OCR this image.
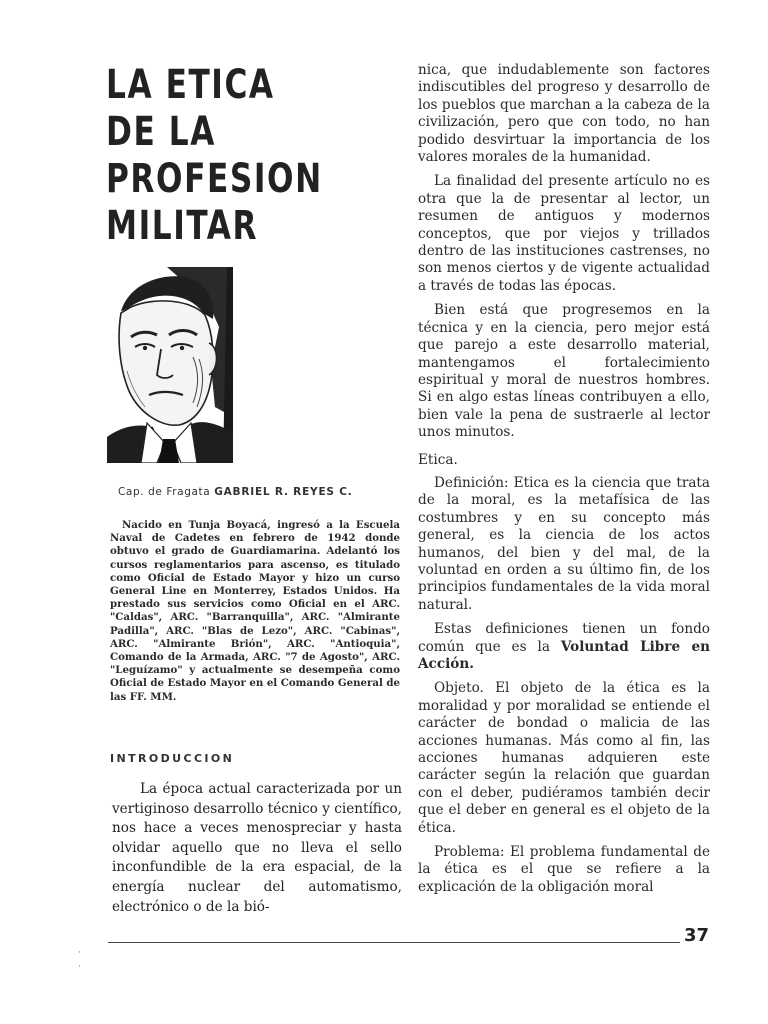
LA ETICA
DE LA
PROFESION
MILITAR
Cap. de Fragata GABRIEL R. REYES C.
Nacido en Tunja Boyacá, ingresó a la Escuela Naval de Cadetes en febrero de 1942 donde obtuvo el grado de Guardiamarina. Adelantó los cursos reglamentarios para ascenso, es titulado como Oficial de Estado Mayor y hizo un curso General Line en Monterrey, Estados Unidos. Ha prestado sus servicios como Oficial en el ARC. "Caldas", ARC. "Barranquilla", ARC. "Almirante Padilla", ARC. "Blas de Lezo", ARC. "Cabinas", ARC. "Almirante Brión", ARC. "Antioquia", Comando de la Armada, ARC. "7 de Agosto", ARC. "Leguízamo" y actualmente se desempeña como Oficial de Estado Mayor en el Comando General de las FF. MM.
INTRODUCCION
La época actual caracterizada por un vertiginoso desarrollo técnico y científico, nos hace a veces menospreciar y hasta olvidar aquello que no lleva el sello inconfundible de la era espacial, de la energía nuclear del automatismo, electrónico o de la bió-

nica, que indudablemente son factores indiscutibles del progreso y desarrollo de los pueblos que marchan a la cabeza de la civilización, pero que con todo, no han podido desvirtuar la importancia de los valores morales de la humanidad.

La finalidad del presente artículo no es otra que la de presentar al lector, un resumen de antiguos y modernos conceptos, que por viejos y trillados dentro de las instituciones castrenses, no son menos ciertos y de vigente actualidad a través de todas las épocas.

Bien está que progresemos en la técnica y en la ciencia, pero mejor está que parejo a este desarrollo material, mantengamos el fortalecimiento espiritual y moral de nuestros hombres. Si en algo estas líneas contribuyen a ello, bien vale la pena de sustraerle al lector unos minutos.

Etica.

Definición: Etica es la ciencia que trata de la moral, es la metafísica de las costumbres y en su concepto más general, es la ciencia de los actos humanos, del bien y del mal, de la voluntad en orden a su último fin, de los principios fundamentales de la vida moral natural.

Estas definiciones tienen un fondo común que es la Voluntad Libre en Acción.

Objeto. El objeto de la ética es la moralidad y por moralidad se entiende el carácter de bondad o malicia de las acciones humanas. Más como al fin, las acciones humanas adquieren este carácter según la relación que guardan con el deber, pudiéramos también decir que el deber en general es el objeto de la ética.

Problema: El problema fundamental de la ética es el que se refiere a la explicación de la obligación moral

37
·
·
